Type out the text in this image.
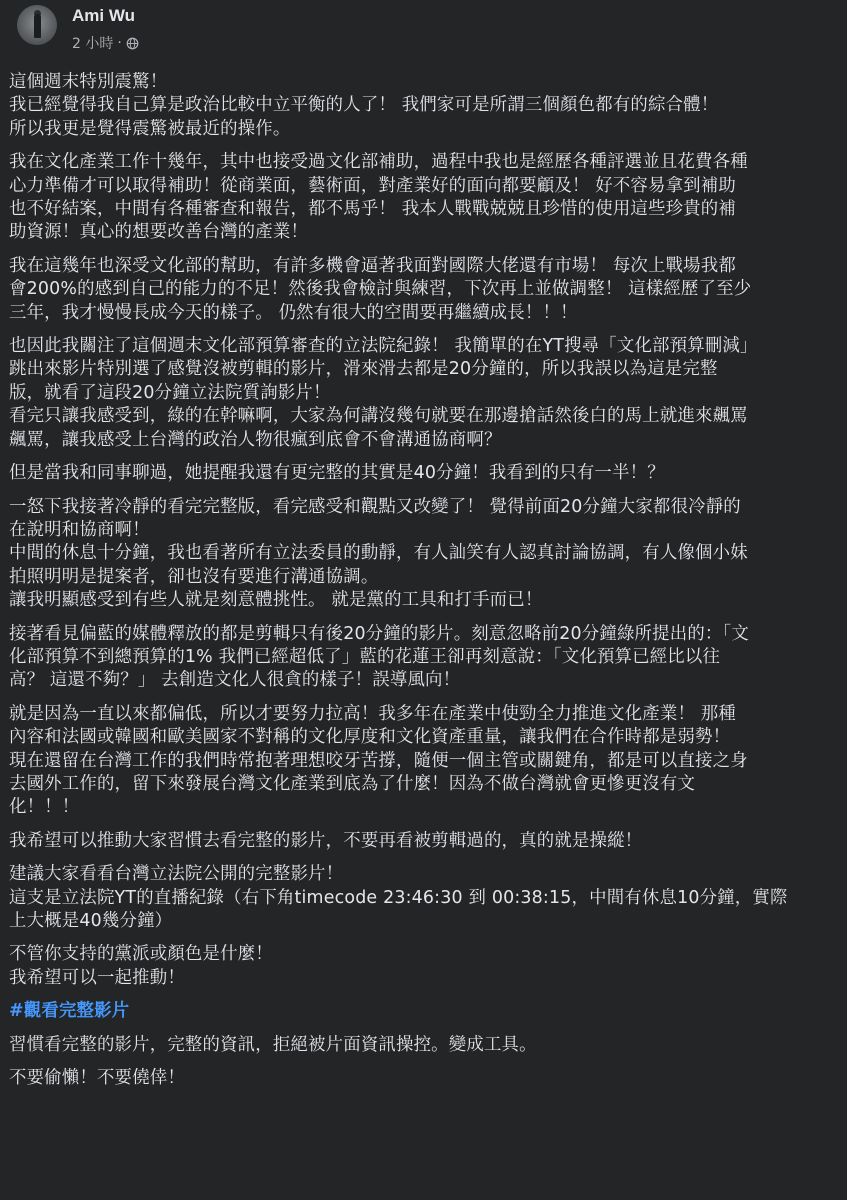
Ami Wu
2 小時 ·
這個週末特別震驚！
我已經覺得我自己算是政治比較中立平衡的人了！ 我們家可是所謂三個顏色都有的綜合體！
所以我更是覺得震驚被最近的操作。
我在文化產業工作十幾年，其中也接受過文化部補助，過程中我也是經歷各種評選並且花費各種
心力準備才可以取得補助！從商業面，藝術面，對產業好的面向都要顧及！ 好不容易拿到補助
也不好結案，中間有各種審查和報告，都不馬乎！ 我本人戰戰兢兢且珍惜的使用這些珍貴的補
助資源！真心的想要改善台灣的產業！
我在這幾年也深受文化部的幫助，有許多機會逼著我面對國際大佬還有市場！ 每次上戰場我都
會200%的感到自己的能力的不足！然後我會檢討與練習，下次再上並做調整！ 這樣經歷了至少
三年，我才慢慢長成今天的樣子。 仍然有很大的空間要再繼續成長！！！
也因此我關注了這個週末文化部預算審查的立法院紀錄！ 我簡單的在YT搜尋「文化部預算刪減」
跳出來影片特別選了感覺沒被剪輯的影片，滑來滑去都是20分鐘的，所以我誤以為這是完整
版，就看了這段20分鐘立法院質詢影片！
看完只讓我感受到，綠的在幹嘛啊，大家為何講沒幾句就要在那邊搶話然後白的馬上就進來飆罵
飆罵，讓我感受上台灣的政治人物很瘋到底會不會溝通協商啊？
但是當我和同事聊過，她提醒我還有更完整的其實是40分鐘！我看到的只有一半！？
一怒下我接著冷靜的看完完整版，看完感受和觀點又改變了！ 覺得前面20分鐘大家都很冷靜的
在說明和協商啊！
中間的休息十分鐘，我也看著所有立法委員的動靜，有人訕笑有人認真討論協調，有人像個小妹
拍照明明是提案者，卻也沒有要進行溝通協調。
讓我明顯感受到有些人就是刻意體挑性。 就是黨的工具和打手而已！
接著看見偏藍的媒體釋放的都是剪輯只有後20分鐘的影片。刻意忽略前20分鐘綠所提出的：「文
化部預算不到總預算的1% 我們已經超低了」藍的花蓮王卻再刻意說：「文化預算已經比以往
高？ 這還不夠？」 去創造文化人很貪的樣子！誤導風向！
就是因為一直以來都偏低，所以才要努力拉高！我多年在產業中使勁全力推進文化產業！ 那種
內容和法國或韓國和歐美國家不對稱的文化厚度和文化資產重量，讓我們在合作時都是弱勢！
現在還留在台灣工作的我們時常抱著理想咬牙苦撐，隨便一個主管或關鍵角，都是可以直接之身
去國外工作的，留下來發展台灣文化產業到底為了什麼！因為不做台灣就會更慘更沒有文
化！！！
我希望可以推動大家習慣去看完整的影片，不要再看被剪輯過的，真的就是操縱！
建議大家看看台灣立法院公開的完整影片！
這支是立法院YT的直播紀錄（右下角timecode 23:46:30 到 00:38:15，中間有休息10分鐘，實際
上大概是40幾分鐘）
不管你支持的黨派或顏色是什麼！
我希望可以一起推動！
#觀看完整影片
習慣看完整的影片，完整的資訊，拒絕被片面資訊操控。變成工具。
不要偷懶！不要僥倖！
